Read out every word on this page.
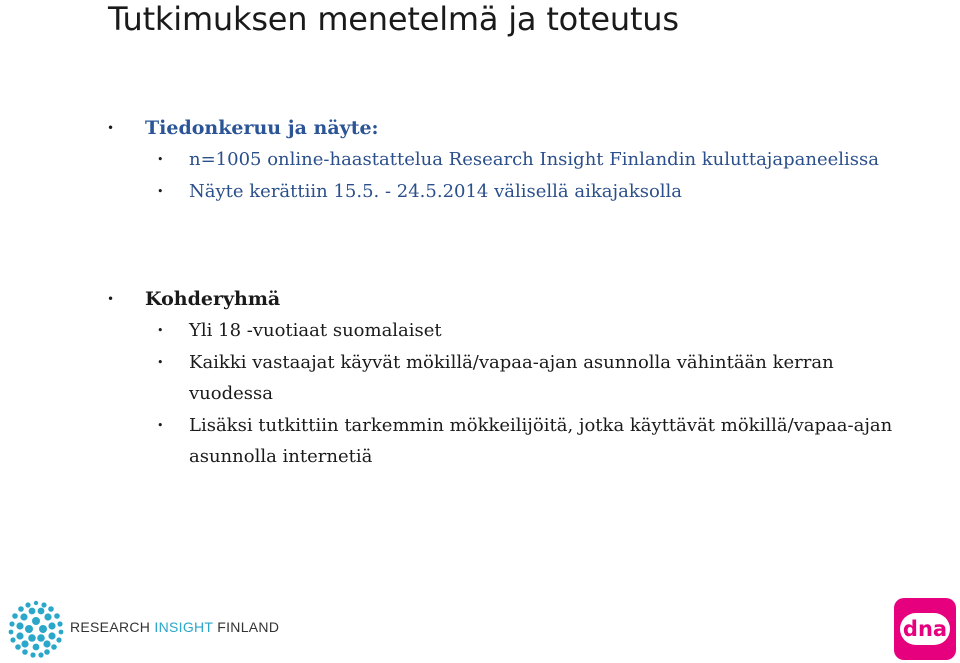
Tutkimuksen menetelmä ja toteutus
• Tiedonkeruu ja näyte:
• n=1005 online-haastattelua Research Insight Finlandin kuluttajapaneelissa
• Näyte kerättiin 15.5. - 24.5.2014 välisellä aikajaksolla
• Kohderyhmä
• Yli 18 -vuotiaat suomalaiset
• Kaikki vastaajat käyvät mökillä/vapaa-ajan asunnolla vähintään kerran vuodessa
• Lisäksi tutkittiin tarkemmin mökkeilijöitä, jotka käyttävät mökillä/vapaa-ajan asunnolla internetiä
RESEARCH INSIGHT FINLAND	dna
